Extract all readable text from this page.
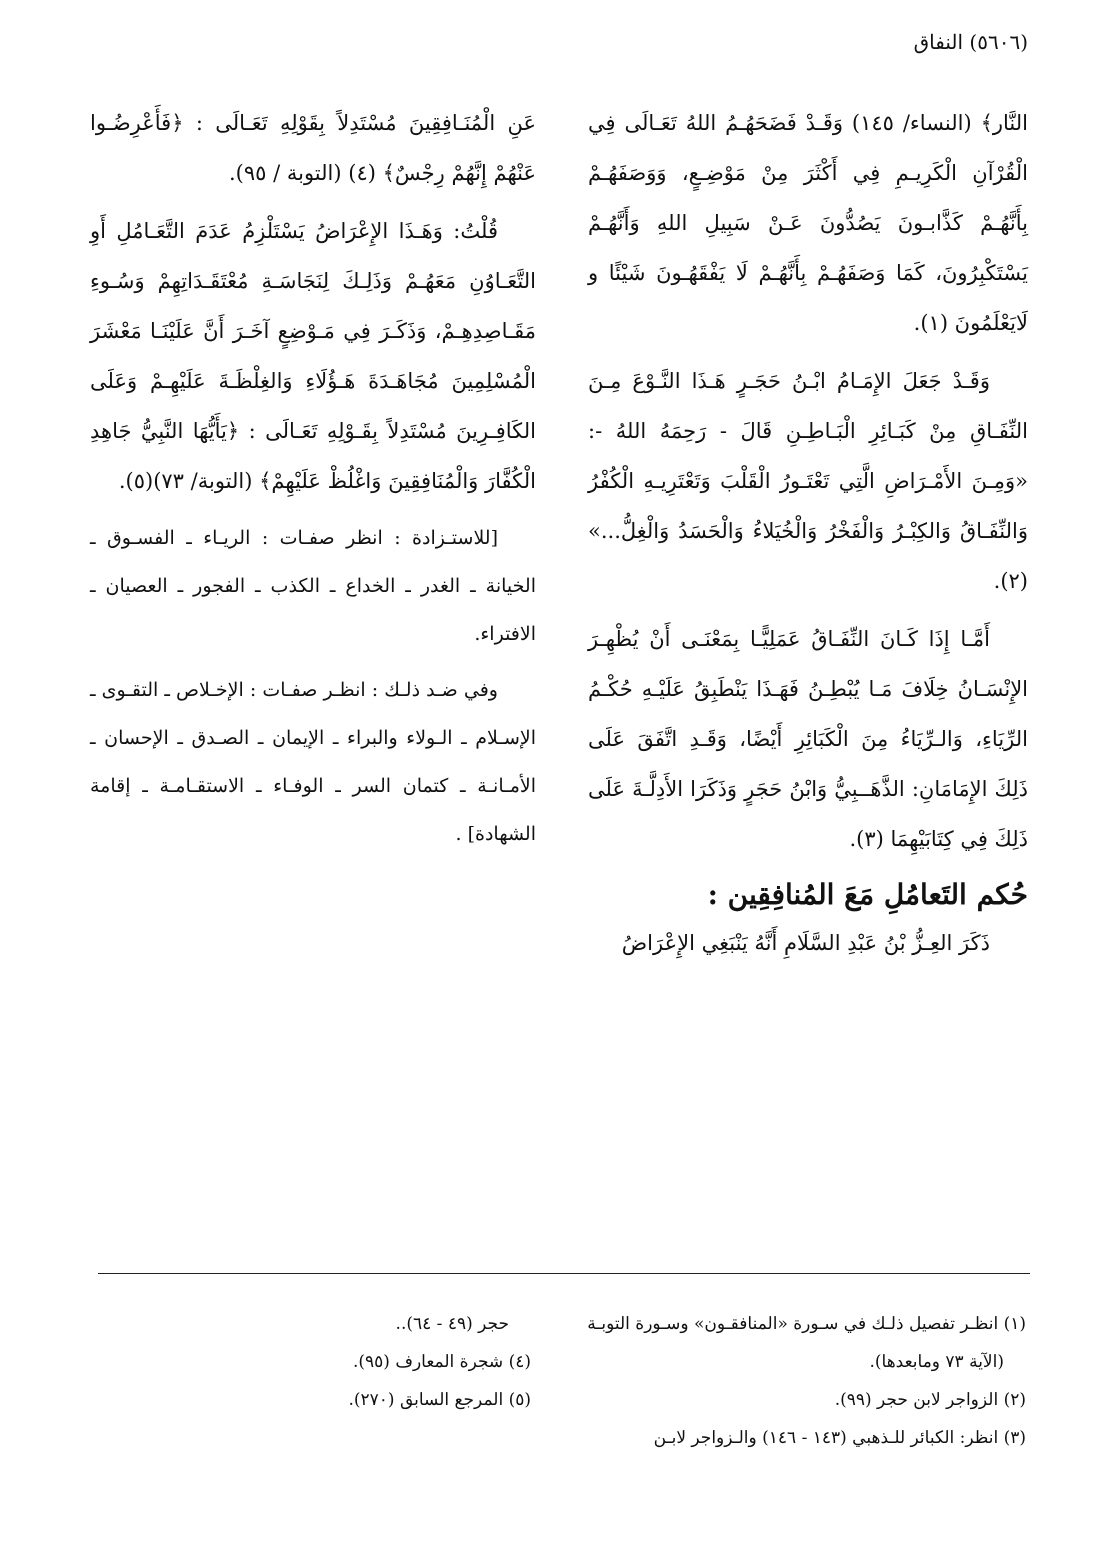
(٥٦٠٦) النفاق

النَّار﴾ (النساء/ ١٤٥) وَقَـدْ فَضَحَهُـمُ اللهُ تَعَـالَى فِي الْقُرْآنِ الْكَرِيـمِ فِي أَكْثَرَ مِنْ مَوْضِـعٍ، وَوَصَفَهُـمْ بِأَنَّهُـمْ كَذَّابـونَ يَصُدُّونَ عَـنْ سَبِيلِ اللهِ وَأَنَّهُـمْ يَسْتَكْبِرُونَ، كَمَا وَصَفَهُـمْ بِأَنَّهُـمْ لَا يَفْقَهُـونَ شَيْئًا و لَايَعْلَمُونَ (١).

وَقَـدْ جَعَلَ الإِمَـامُ ابْـنُ حَجَـرٍ هَـذَا النَّـوْعَ مِـنَ النِّفَـاقِ مِنْ كَبَـائِرِ الْبَـاطِـنِ قَالَ - رَحِمَهُ اللهُ -: «وَمِـنَ الأَمْـرَاضِ الَّتِي تَعْتَـورُ الْقَلْبَ وَتَعْتَرِيـهِ الْكُفْرُ وَالنِّفَـاقُ وَالكِبْـرُ وَالْفَخْرُ وَالْخُيَلاءُ وَالْحَسَدُ وَالْغِلُّ...» (٢).

أَمَّـا إِذَا كَـانَ النِّفَـاقُ عَمَلِيًّـا بِمَعْنَـى أَنْ يُظْهِـرَ الإِنْسَـانُ خِلَافَ مَـا يُبْطِـنُ فَهَـذَا يَنْطَبِقُ عَلَيْـهِ حُكْـمُ الرِّيَاءِ، وَالـرِّيَاءُ مِنَ الْكَبَائِرِ أَيْضًا، وَقَـدِ اتَّفَقَ عَلَى ذَلِكَ الإِمَامَانِ: الذَّهَــبِيُّ وَابْنُ حَجَرٍ وَذَكَرَا الأَدِلَّـةَ عَلَى ذَلِكَ فِي كِتَابَيْهِمَا (٣).

حُكم التَعامُلِ مَعَ المُنافِقِين :

ذَكَرَ العِـزُّ بْنُ عَبْدِ السَّلَامِ أَنَّهُ يَنْبَغِي الإِعْرَاضُ

عَنِ الْمُنَـافِقِينَ مُسْتَدِلاً بِقَوْلِهِ تَعَـالَى : ﴿فَأَعْرِضُـوا عَنْهُمْ إِنَّهُمْ رِجْسٌ﴾ (٤) (التوبة / ٩٥).

قُلْتُ: وَهَـذَا الإِعْرَاضُ يَسْتَلْزِمُ عَدَمَ التَّعَـامُلِ أَوِ التَّعَـاوُنِ مَعَهُـمْ وَذَلِـكَ لِنَجَاسَـةِ مُعْتَقَـدَاتِهِمْ وَسُـوءِ مَقَـاصِدِهِـمْ، وَذَكَـرَ فِي مَـوْضِعٍ آخَـرَ أَنَّ عَلَيْنَـا مَعْشَرَ الْمُسْلِمِينَ مُجَاهَـدَةَ هَـؤُلَاءِ وَالغِلْظَـةَ عَلَيْهِـمْ وَعَلَى الكَافِـرِينَ مُسْتَدِلاً بِقَـوْلِهِ تَعَـالَى : ﴿يَأَيُّهَا النَّبِيُّ جَاهِدِ الْكُفَّارَ وَالْمُنَافِقِينَ وَاغْلُظْ عَلَيْهِمْ﴾ (التوبة/ ٧٣)(٥).

[للاستـزادة : انظر صفـات : الريـاء ـ الفسـوق ـ الخيانة ـ الغدر ـ الخداع ـ الكذب ـ الفجور ـ العصيان ـ الافتراء.

وفي ضـد ذلـك : انظـر صفـات : الإخـلاص ـ التقـوى ـ الإسـلام ـ الـولاء والبراء ـ الإيمان ـ الصـدق ـ الإحسان ـ الأمـانـة ـ كتمان السر ـ الوفـاء ـ الاستقـامـة ـ إقامة الشهادة] .

(١) انظـر تفصيل ذلـك في سـورة «المنافقـون» وسـورة التوبـة
(الآية ٧٣ ومابعدها).
(٢) الزواجر لابن حجر (٩٩).
(٣) انظر: الكبائر للـذهبي (١٤٣ - ١٤٦) والـزواجر لابـن
حجر (٤٩ - ٦٤)..
(٤) شجرة المعارف (٩٥).
(٥) المرجع السابق (٢٧٠).
